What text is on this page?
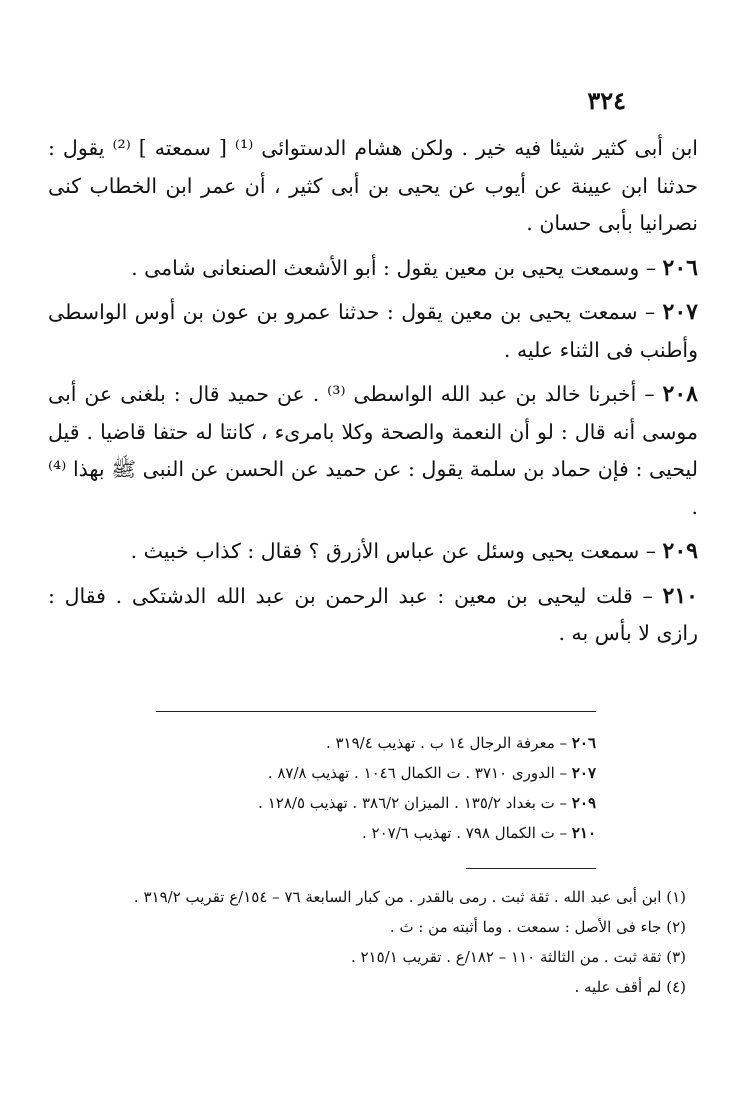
٣٢٤

ابن أبى كثير شيئا فيه خير . ولكن هشام الدستوائى ⁽¹⁾ [ سمعته ] ⁽²⁾ يقول : حدثنا ابن عيينة عن أيوب عن يحيى بن أبى كثير ، أن عمر ابن الخطاب كنى نصرانيا بأبى حسان .

٢٠٦ – وسمعت يحيى بن معين يقول : أبو الأشعث الصنعانى شامى .

٢٠٧ – سمعت يحيى بن معين يقول : حدثنا عمرو بن عون بن أوس الواسطى وأطنب فى الثناء عليه .

٢٠٨ – أخبرنا خالد بن عبد الله الواسطى ⁽³⁾ . عن حميد قال : بلغنى عن أبى موسى أنه قال : لو أن النعمة والصحة وكلا بامرىء ، كانتا له حتفا قاضيا . قيل ليحيى : فإن حماد بن سلمة يقول : عن حميد عن الحسن عن النبى ﷺ بهذا ⁽⁴⁾ .

٢٠٩ – سمعت يحيى وسئل عن عباس الأزرق ؟ فقال : كذاب خبيث .

٢١٠ – قلت ليحيى بن معين : عبد الرحمن بن عبد الله الدشتكى . فقال : رازى لا بأس به .

٢٠٦ – معرفة الرجال ١٤ ب . تهذيب ٣١٩/٤ .
٢٠٧ – الدورى ٣٧١٠ . ت الكمال ١٠٤٦ . تهذيب ٨٧/٨ .
٢٠٩ – ت بغداد ١٣٥/٢ . الميزان ٣٨٦/٢ . تهذيب ١٢٨/٥ .
٢١٠ – ت الكمال ٧٩٨ . تهذيب ٢٠٧/٦ .
(١) ابن أبى عبد الله . ثقة ثبت . رمى بالقدر . من كبار السابعة ٧٦ – ١٥٤/ع تقريب ٣١٩/٢ .
(٢) جاء فى الأصل : سمعت . وما أثبته من : ث .
(٣) ثقة ثبت . من الثالثة ١١٠ – ١٨٢/ع . تقريب ٢١٥/١ .
(٤) لم أقف عليه .
